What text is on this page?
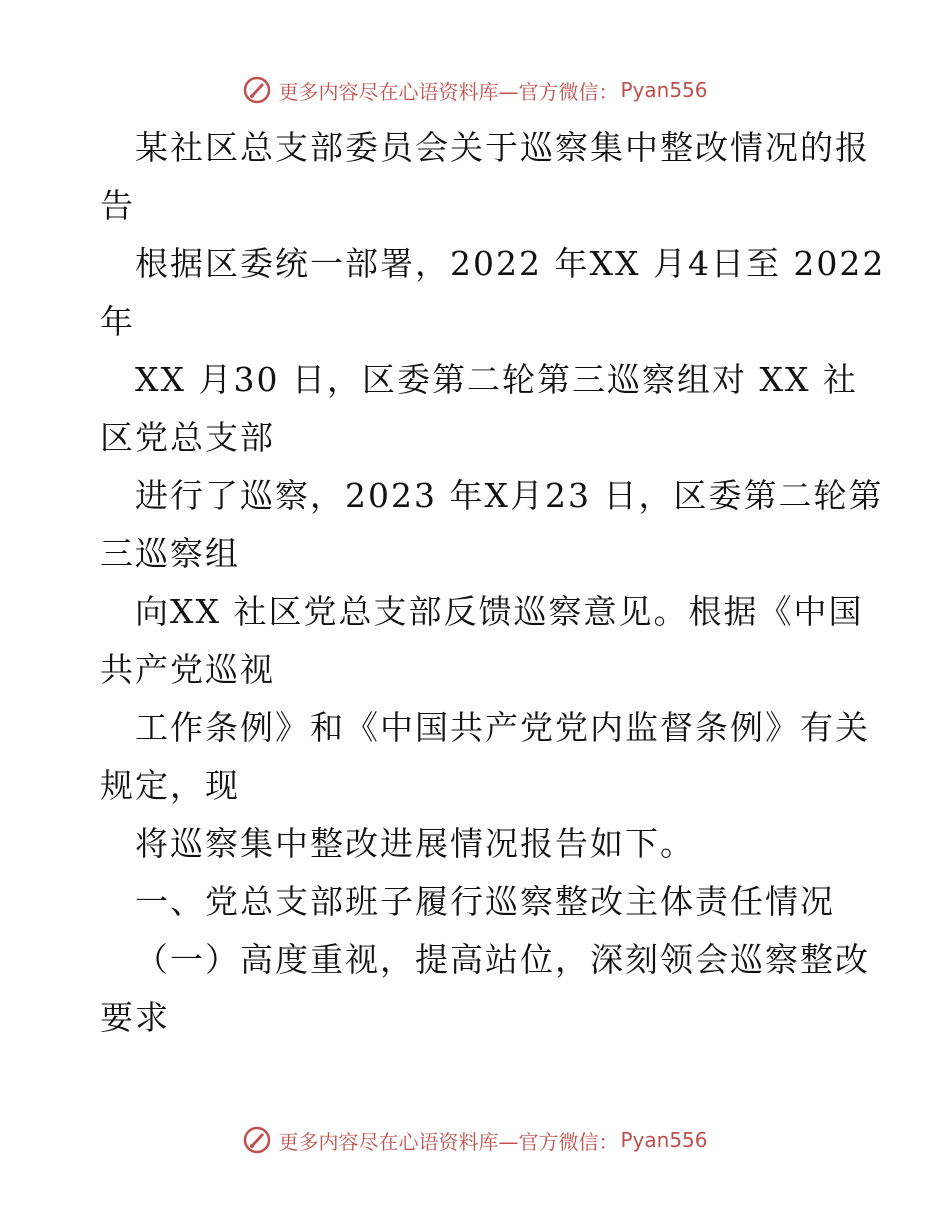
更多内容尽在心语资料库—官方微信： Pyan556
某社区总支部委员会关于巡察集中整改情况的报
告
根据区委统一部署，2022 年XX 月4日至 2022
年
XX 月30 日，区委第二轮第三巡察组对 XX 社
区党总支部
进行了巡察，2023 年X月23 日，区委第二轮第
三巡察组
向XX 社区党总支部反馈巡察意见。根据《中国
共产党巡视
工作条例》和《中国共产党党内监督条例》有关
规定，现
将巡察集中整改进展情况报告如下。
一、党总支部班子履行巡察整改主体责任情况
（一）高度重视，提高站位，深刻领会巡察整改
要求
更多内容尽在心语资料库—官方微信： Pyan556
